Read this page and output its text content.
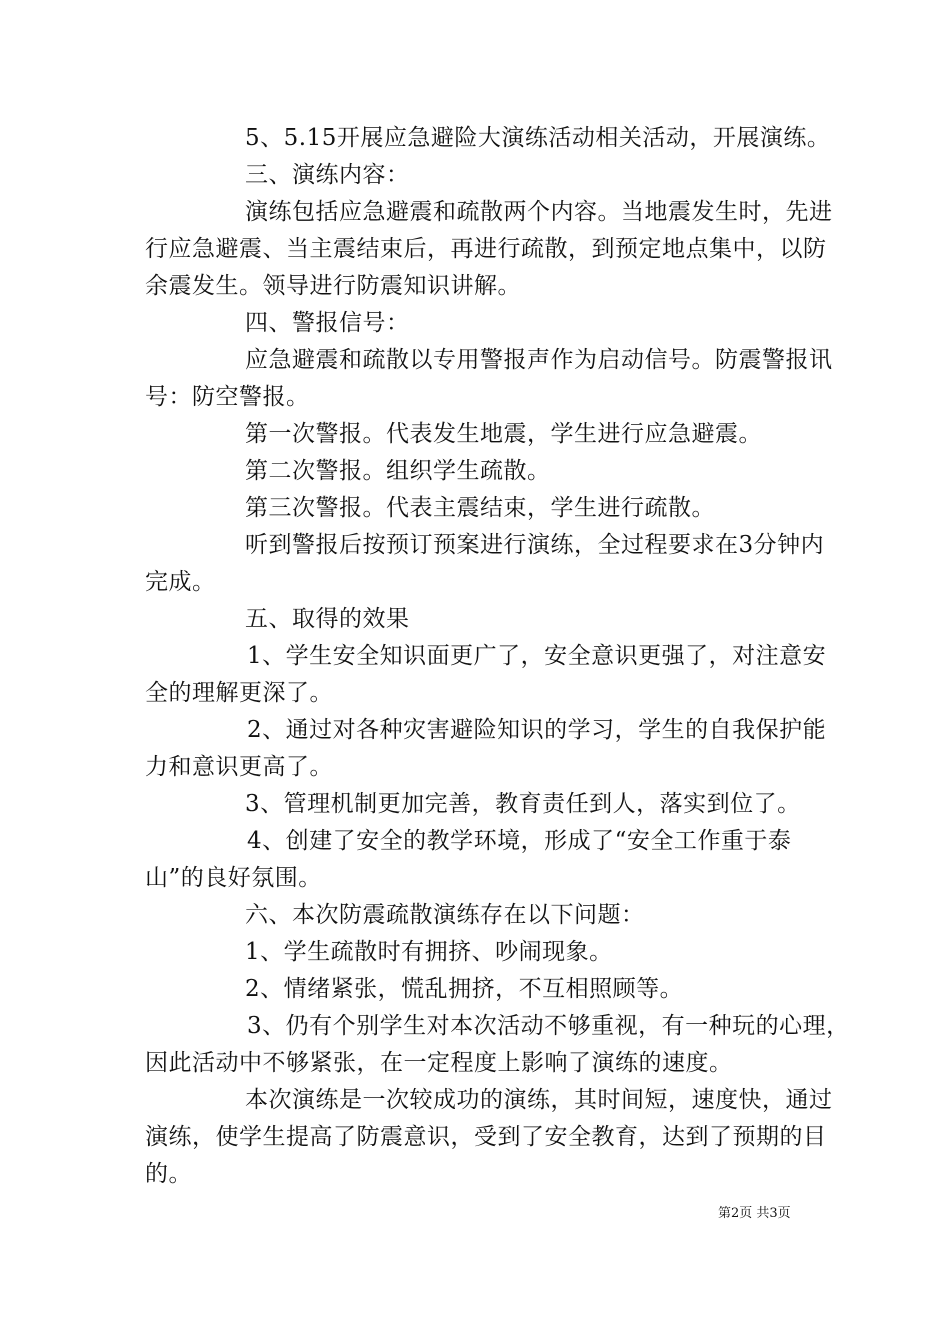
5、5.15开展应急避险大演练活动相关活动，开展演练。
三、演练内容：
演练包括应急避震和疏散两个内容。当地震发生时，先进
行应急避震、当主震结束后，再进行疏散，到预定地点集中，以防
余震发生。领导进行防震知识讲解。
四、警报信号：
应急避震和疏散以专用警报声作为启动信号。防震警报讯
号：防空警报。
第一次警报。代表发生地震，学生进行应急避震。
第二次警报。组织学生疏散。
第三次警报。代表主震结束，学生进行疏散。
听到警报后按预订预案进行演练，全过程要求在3分钟内
完成。
五、取得的效果
1、学生安全知识面更广了，安全意识更强了，对注意安
全的理解更深了。
2、通过对各种灾害避险知识的学习，学生的自我保护能
力和意识更高了。
3、管理机制更加完善，教育责任到人，落实到位了。
4、创建了安全的教学环境，形成了“安全工作重于泰
山”的良好氛围。
六、本次防震疏散演练存在以下问题：
1、学生疏散时有拥挤、吵闹现象。
2、情绪紧张，慌乱拥挤，不互相照顾等。
3、仍有个别学生对本次活动不够重视，有一种玩的心理，
因此活动中不够紧张，在一定程度上影响了演练的速度。
本次演练是一次较成功的演练，其时间短，速度快，通过
演练，使学生提高了防震意识，受到了安全教育，达到了预期的目
的。
第2页 共3页
